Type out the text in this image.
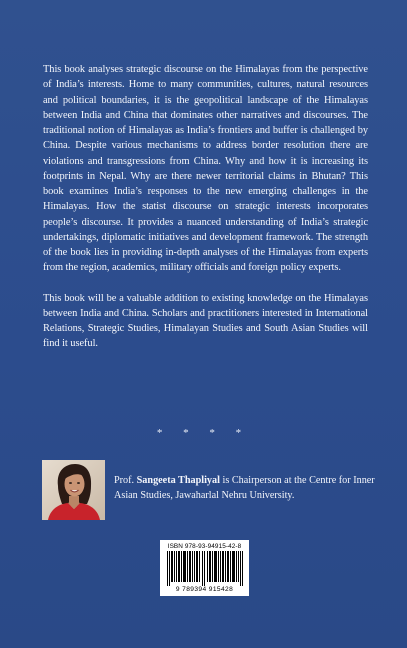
This book analyses strategic discourse on the Himalayas from the perspective of India’s interests. Home to many communities, cultures, natural resources and political boundaries, it is the geopolitical landscape of the Himalayas between India and China that dominates other narratives and discourses. The traditional notion of Himalayas as India’s frontiers and buffer is challenged by China. Despite various mechanisms to address border resolution there are violations and transgressions from China. Why and how it is increasing its footprints in Nepal. Why are there newer territorial claims in Bhutan? This book examines India’s responses to the new emerging challenges in the Himalayas. How the statist discourse on strategic interests incorporates people’s discourse. It provides a nuanced understanding of India’s strategic undertakings, diplomatic initiatives and development framework. The strength of the book lies in providing in-depth analyses of the Himalayas from experts from the region, academics, military officials and foreign policy experts.

This book will be a valuable addition to existing knowledge on the Himalayas between India and China. Scholars and practitioners interested in International Relations, Strategic Studies, Himalayan Studies and South Asian Studies will find it useful.

* * * *
Prof. Sangeeta Thapliyal is Chairperson at the Centre for Inner Asian Studies, Jawaharlal Nehru University.
ISBN 978-93-94915-42-8
9 789394 915428
